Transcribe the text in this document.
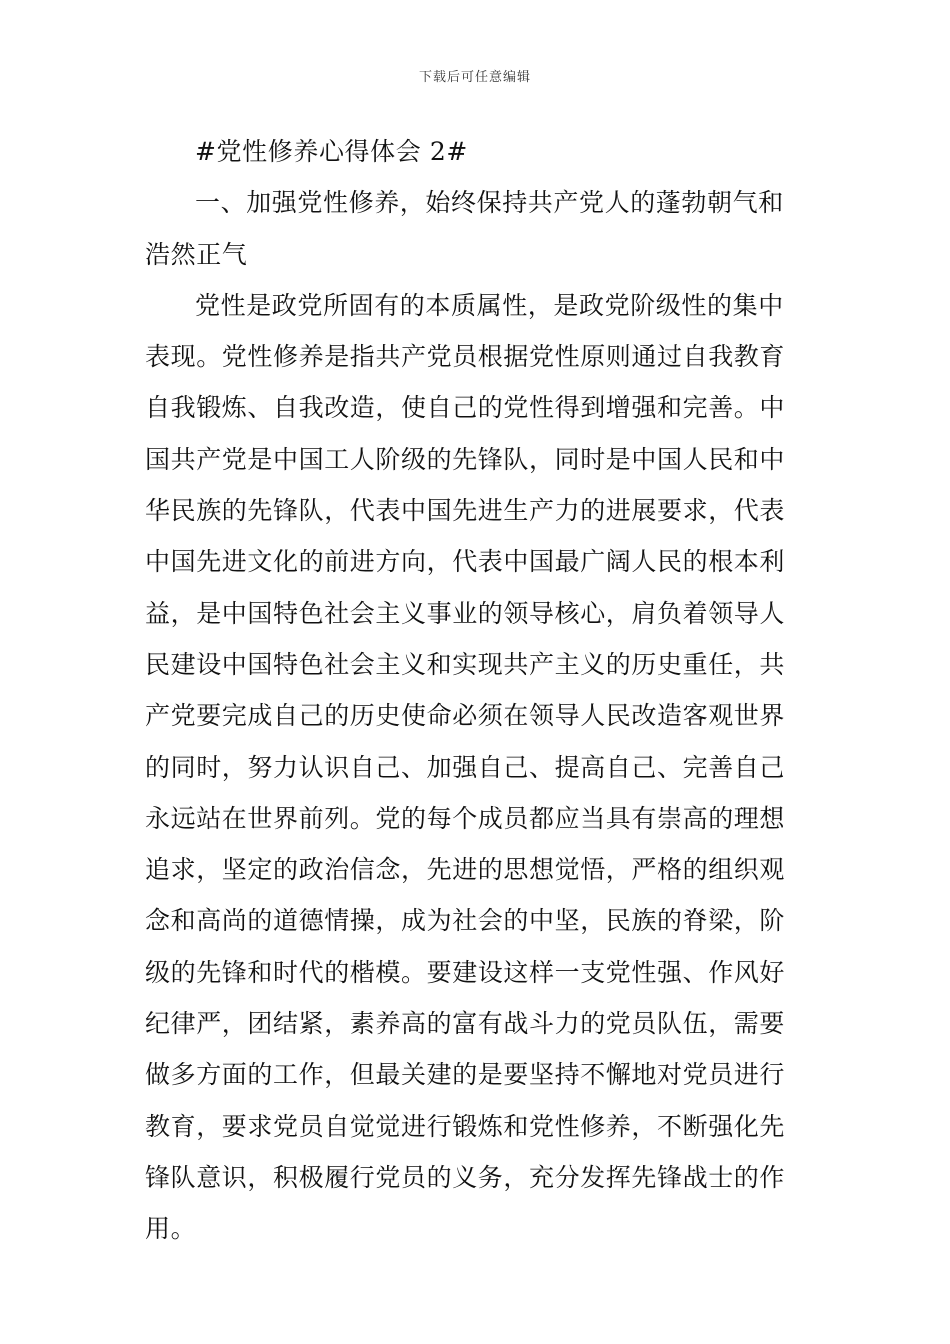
下载后可任意编辑

#党性修养心得体会 2#

一、加强党性修养，始终保持共产党人的蓬勃朝气和
浩然正气

党性是政党所固有的本质属性，是政党阶级性的集中
表现。党性修养是指共产党员根据党性原则通过自我教育
自我锻炼、自我改造，使自己的党性得到增强和完善。中
国共产党是中国工人阶级的先锋队，同时是中国人民和中
华民族的先锋队，代表中国先进生产力的进展要求，代表
中国先进文化的前进方向，代表中国最广阔人民的根本利
益，是中国特色社会主义事业的领导核心，肩负着领导人
民建设中国特色社会主义和实现共产主义的历史重任，共
产党要完成自己的历史使命必须在领导人民改造客观世界
的同时，努力认识自己、加强自己、提高自己、完善自己
永远站在世界前列。党的每个成员都应当具有崇高的理想
追求，坚定的政治信念，先进的思想觉悟，严格的组织观
念和高尚的道德情操，成为社会的中坚，民族的脊梁，阶
级的先锋和时代的楷模。要建设这样一支党性强、作风好
纪律严，团结紧，素养高的富有战斗力的党员队伍，需要
做多方面的工作，但最关建的是要坚持不懈地对党员进行
教育，要求党员自觉觉进行锻炼和党性修养，不断强化先
锋队意识，积极履行党员的义务，充分发挥先锋战士的作
用。
